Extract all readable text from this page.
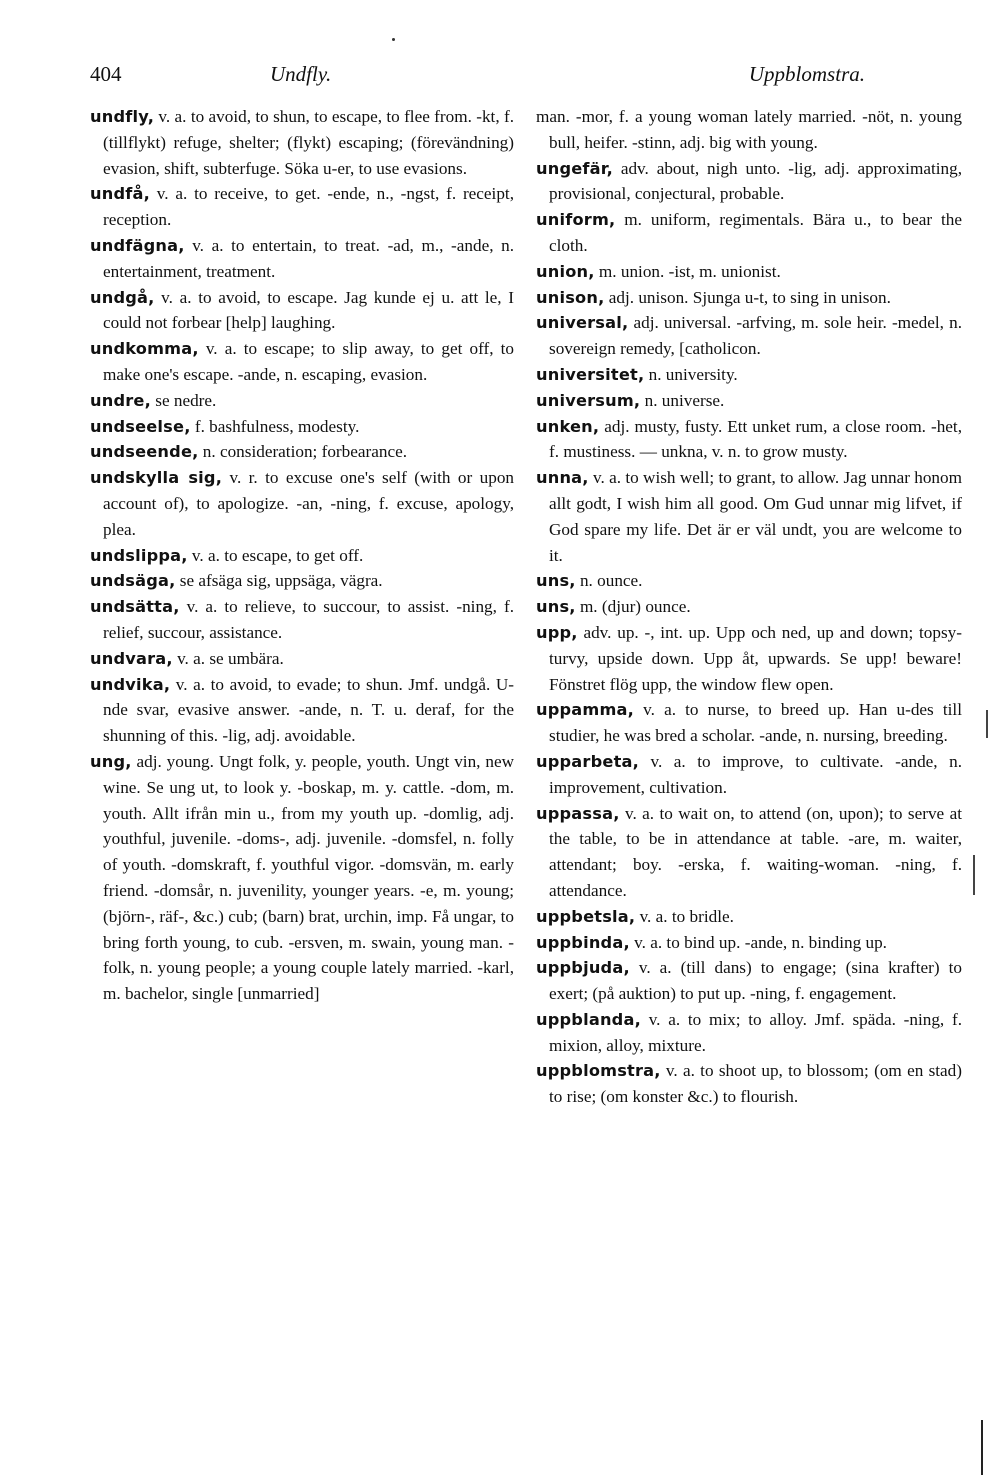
404	Undfly.	Uppblomstra.

undfly, v. a. to avoid, to shun, to escape, to flee from. -kt, f. (tillflykt) refuge, shelter; (flykt) escaping; (förevändning) evasion, shift, subterfuge. Söka u-er, to use evasions.

undfå, v. a. to receive, to get. -ende, n., -ngst, f. receipt, reception.

undfägna, v. a. to entertain, to treat. -ad, m., -ande, n. entertainment, treatment.

undgå, v. a. to avoid, to escape. Jag kunde ej u. att le, I could not forbear [help] laughing.

undkomma, v. a. to escape; to slip away, to get off, to make one's escape. -ande, n. escaping, evasion.

undre, se nedre.

undseelse, f. bashfulness, modesty.

undseende, n. consideration; forbearance.

undskylla sig, v. r. to excuse one's self (with or upon account of), to apologize. -an, -ning, f. excuse, apology, plea.

undslippa, v. a. to escape, to get off.

undsäga, se afsäga sig, uppsäga, vägra.

undsätta, v. a. to relieve, to succour, to assist. -ning, f. relief, succour, assistance.

undvara, v. a. se umbära.

undvika, v. a. to avoid, to evade; to shun. Jmf. undgå. U-nde svar, evasive answer. -ande, n. T. u. deraf, for the shunning of this. -lig, adj. avoidable.

ung, adj. young. Ungt folk, y. people, youth. Ungt vin, new wine. Se ung ut, to look y. -boskap, m. y. cattle. -dom, m. youth. Allt ifrån min u., from my youth up. -domlig, adj. youthful, juvenile. -doms-, adj. juvenile. -domsfel, n. folly of youth. -domskraft, f. youthful vigor. -domsvän, m. early friend. -domsår, n. juvenility, younger years. -e, m. young; (björn-, räf-, &c.) cub; (barn) brat, urchin, imp. Få ungar, to bring forth young, to cub. -ersven, m. swain, young man. -folk, n. young people; a young couple lately married. -karl, m. bachelor, single [unmarried]

man. -mor, f. a young woman lately married. -nöt, n. young bull, heifer. -stinn, adj. big with young.

ungefär, adv. about, nigh unto. -lig, adj. approximating, provisional, conjectural, probable.

uniform, m. uniform, regimentals. Bära u., to bear the cloth.

union, m. union. -ist, m. unionist.

unison, adj. unison. Sjunga u-t, to sing in unison.

universal, adj. universal. -arfving, m. sole heir. -medel, n. sovereign remedy, [catholicon.

universitet, n. university.

universum, n. universe.

unken, adj. musty, fusty. Ett unket rum, a close room. -het, f. mustiness. — unkna, v. n. to grow musty.

unna, v. a. to wish well; to grant, to allow. Jag unnar honom allt godt, I wish him all good. Om Gud unnar mig lifvet, if God spare my life. Det är er väl undt, you are welcome to it.

uns, n. ounce.

uns, m. (djur) ounce.

upp, adv. up. -, int. up. Upp och ned, up and down; topsy-turvy, upside down. Upp åt, upwards. Se upp! beware! Fönstret flög upp, the window flew open.

uppamma, v. a. to nurse, to breed up. Han u-des till studier, he was bred a scholar. -ande, n. nursing, breeding.

upparbeta, v. a. to improve, to cultivate. -ande, n. improvement, cultivation.

uppassa, v. a. to wait on, to attend (on, upon); to serve at the table, to be in attendance at table. -are, m. waiter, attendant; boy. -erska, f. waiting-woman. -ning, f. attendance.

uppbetsla, v. a. to bridle.

uppbinda, v. a. to bind up. -ande, n. binding up.

uppbjuda, v. a. (till dans) to engage; (sina krafter) to exert; (på auktion) to put up. -ning, f. engagement.

uppblanda, v. a. to mix; to alloy. Jmf. späda. -ning, f. mixion, alloy, mixture.

uppblomstra, v. a. to shoot up, to blossom; (om en stad) to rise; (om konster &c.) to flourish.
